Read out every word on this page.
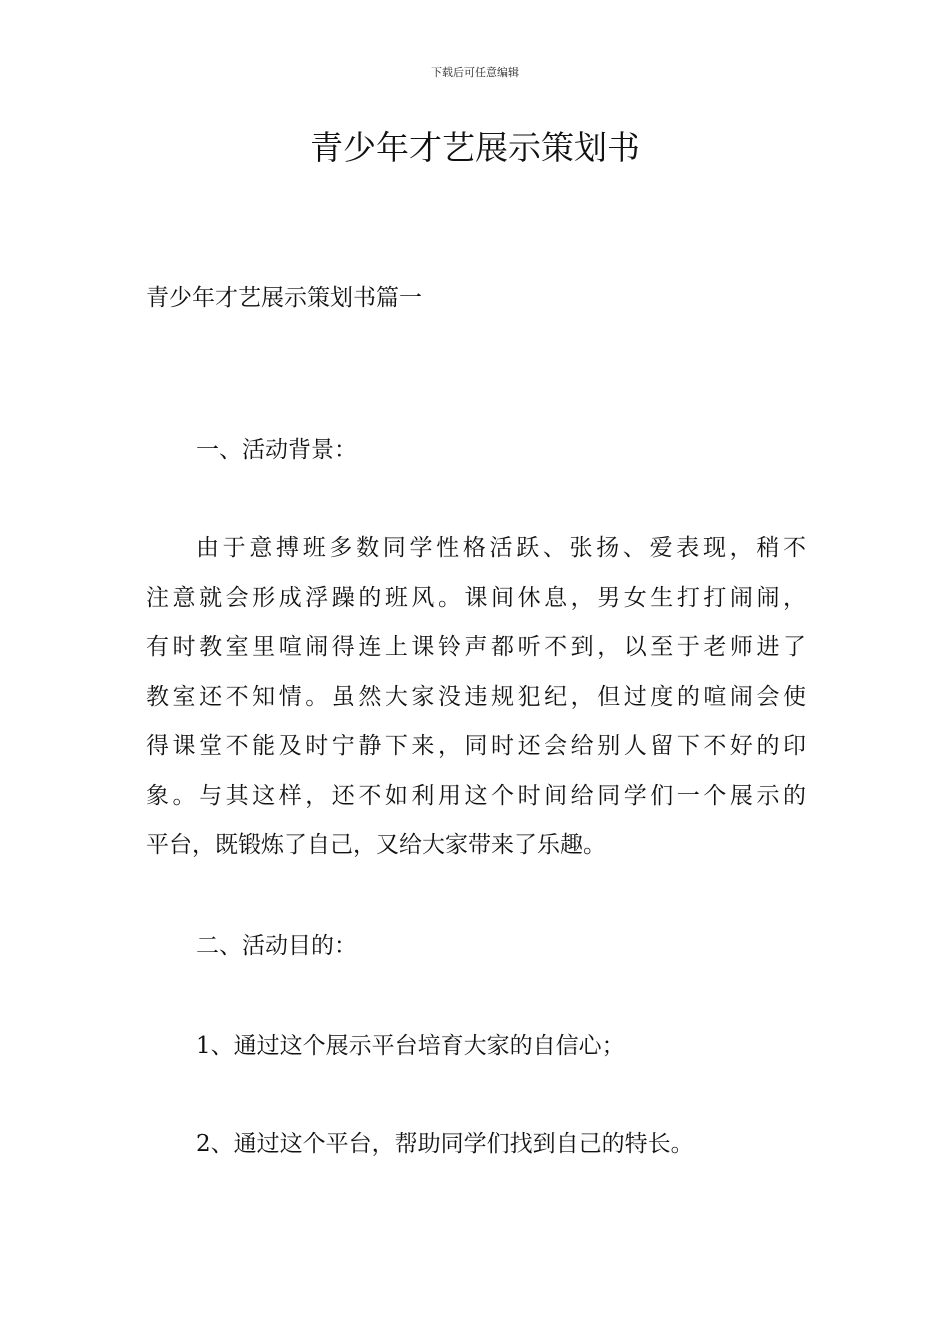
下载后可任意编辑
青少年才艺展示策划书
青少年才艺展示策划书篇一
一、活动背景：
由于意搏班多数同学性格活跃、张扬、爱表现，稍不
注意就会形成浮躁的班风。课间休息，男女生打打闹闹，
有时教室里喧闹得连上课铃声都听不到，以至于老师进了
教室还不知情。虽然大家没违规犯纪，但过度的喧闹会使
得课堂不能及时宁静下来，同时还会给别人留下不好的印
象。与其这样，还不如利用这个时间给同学们一个展示的
平台，既锻炼了自己，又给大家带来了乐趣。
二、活动目的：

1、通过这个展示平台培育大家的自信心；

2、通过这个平台，帮助同学们找到自己的特长。
